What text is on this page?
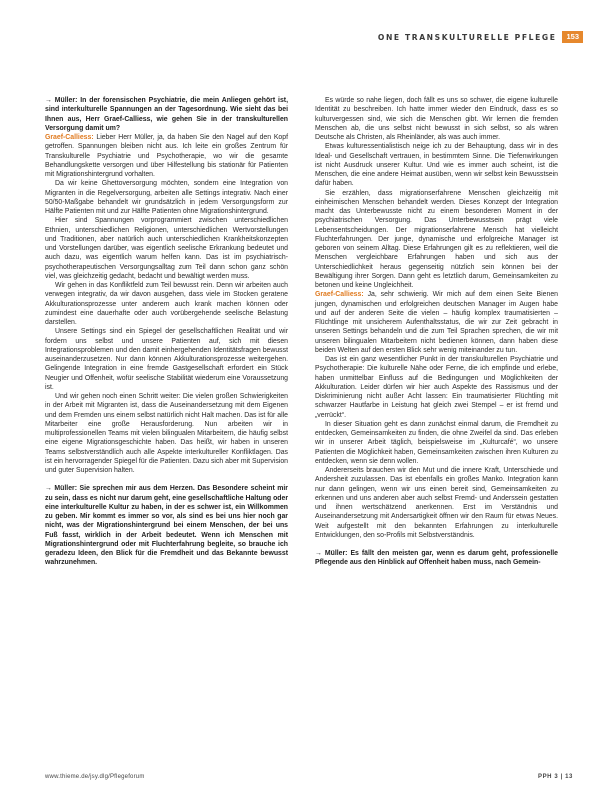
ONE TRANSKULTURELLE PFLEGE	153

→ Müller: In der forensischen Psychiatrie, die mein Anliegen gehört ist, sind interkulturelle Spannungen an der Tagesordnung. Wie sieht das bei Ihnen aus, Herr Graef-Calliess, wie gehen Sie in der transkulturellen Versorgung damit um?

Graef-Calliess: Lieber Herr Müller, ja, da haben Sie den Nagel auf den Kopf getroffen. Spannungen bleiben nicht aus. Ich leite ein großes Zentrum für Transkulturelle Psychiatrie und Psychotherapie, wo wir die gesamte Behandlungskette versorgen und über Hilfestellung bis stationär für Patienten mit Migrationshintergrund vorhalten.

Da wir keine Ghettoversorgung möchten, sondern eine Integration von Migranten in die Regelversorgung, arbeiten alle Settings integrativ. Nach einer 50/50-Maßgabe behandelt wir grundsätzlich in jedem Versorgungsform zur Hälfte Patienten mit und zur Hälfte Patienten ohne Migrationshintergrund.

Hier sind Spannungen vorprogrammiert zwischen unterschiedlichen Ethnien, unterschiedlichen Religionen, unterschiedlichen Wertvorstellungen und Traditionen, aber natürlich auch unterschiedlichen Krankheitskonzepten und Vorstellungen darüber, was eigentlich seelische Erkrankung bedeutet und auch dazu, was eigentlich warum helfen kann. Das ist im psychiatrisch-psychotherapeutischen Versorgungsalltag zum Teil dann schon ganz schön viel, was gleichzeitig gedacht, bedacht und bewältigt werden muss.

Wir gehen in das Konfliktfeld zum Teil bewusst rein. Denn wir arbeiten auch verwegen integrativ, da wir davon ausgehen, dass viele im Stocken geratene Akkulturationsprozesse unter anderem auch krank machen können oder zumindest eine dauerhafte oder auch vorübergehende seelische Belastung darstellen.

Unsere Settings sind ein Spiegel der gesellschaftlichen Realität und wir fordern uns selbst und unsere Patienten auf, sich mit diesen Integrationsproblemen und den damit einhergehenden Identitätsfragen bewusst auseinanderzusetzen. Nur dann können Akkulturationsprozesse weitergehen. Gelingende Integration in eine fremde Gastgesellschaft erfordert ein Stück Neugier und Offenheit, wofür seelische Stabilität wiederum eine Voraussetzung ist.

Und wir gehen noch einen Schritt weiter: Die vielen großen Schwierigkeiten in der Arbeit mit Migranten ist, dass die Auseinandersetzung mit dem Eigenen und dem Fremden uns einem selbst natürlich nicht Halt machen. Das ist für alle Mitarbeiter eine große Herausforderung. Nun arbeiten wir in multiprofessionellen Teams mit vielen bilingualen Mitarbeitern, die häufig selbst eine eigene Migrationsgeschichte haben. Das heißt, wir haben in unseren Teams selbstverständlich auch alle Aspekte interkultureller Konfliktlagen. Das ist ein hervorragender Spiegel für die Patienten. Dazu sich aber mit Supervision und guter Supervision halten.

→ Müller: Sie sprechen mir aus dem Herzen. Das Besondere scheint mir zu sein, dass es nicht nur darum geht, eine gesellschaftliche Haltung oder eine interkulturelle Kultur zu haben, in der es schwer ist, ein Willkommen zu geben. Mir kommt es immer so vor, als sind es bei uns hier noch gar nicht, was der Migrationshintergrund bei einem Menschen, der bei uns Fuß fasst, wirklich in der Arbeit bedeutet. Wenn ich Menschen mit Migrationshintergrund oder mit Fluchterfahrung begleite, so brauche ich geradezu Ideen, den Blick für die Fremdheit und das Bekannte bewusst wahrzunehmen.

Es würde so nahe liegen, doch fällt es uns so schwer, die eigene kulturelle Identität zu beschreiben. Ich hatte immer wieder den Eindruck, dass es so kulturvergessen sind, wie sich die Menschen gibt. Wir lernen die fremden Menschen ab, die uns selbst nicht bewusst in sich selbst, so als wären Deutsche als Christen, als Rheinländer, als was auch immer.

Etwas kulturessentialistisch neige ich zu der Behauptung, dass wir in des Ideal- und Gesellschaft vertrauen, in bestimmtem Sinne. Die Tiefenwirkungen ist nicht Ausdruck unserer Kultur. Und wie es immer auch scheint, ist die Menschen, die eine andere Heimat ausüben, wenn wir selbst kein Bewusstsein dafür haben.

Sie erzählen, dass migrationserfahrene Menschen gleichzeitig mit einheimischen Menschen behandelt werden. Dieses Konzept der Integration macht das Unterbewusste nicht zu einem besonderen Moment in der psychiatrischen Versorgung. Das Unterbewusstsein prägt viele Lebensentscheidungen. Der migrationserfahrene Mensch hat vielleicht Fluchterfahrungen. Der junge, dynamische und erfolgreiche Manager ist geboren von seinem Alltag. Diese Erfahrungen gilt es zu reflektieren, weil die Menschen vergleichbare Erfahrungen haben und sich aus der Unterschiedlichkeit heraus gegenseitig nützlich sein können bei der Bewältigung ihrer Sorgen. Dann geht es letztlich darum, Gemeinsamkeiten zu betonen und keine Ungleichheit.

Graef-Calliess: Ja, sehr schwierig. Wir mich auf dem einen Seite Bienen jungen, dynamischen und erfolgreichen deutschen Manager im Augen habe und auf der anderen Seite die vielen – häufig komplex traumatisierten – Flüchtlinge mit unsicherem Aufenthaltsstatus, die wir zur Zeit gebracht in unseren Settings behandeln und die zum Teil Sprachen sprechen, die wir mit unseren bilingualen Mitarbeitern nicht bedienen können, dann haben diese beiden Welten auf den ersten Blick sehr wenig miteinander zu tun.

Das ist ein ganz wesentlicher Punkt in der transkulturellen Psychiatrie und Psychotherapie: Die kulturelle Nähe oder Ferne, die ich empfinde und erlebe, haben unmittelbar Einfluss auf die Bedingungen und Möglichkeiten der Akkulturation. Leider dürfen wir hier auch Aspekte des Rassismus und der Diskriminierung nicht außer Acht lassen: Ein traumatisierter Flüchtling mit schwarzer Hautfarbe in Leistung hat gleich zwei Stempel – er ist fremd und „verrückt“.

In dieser Situation geht es dann zunächst einmal darum, die Fremdheit zu entdecken, Gemeinsamkeiten zu finden, die ohne Zweifel da sind. Das erleben wir in unserer Arbeit täglich, beispielsweise im „Kulturcafé“, wo unsere Patienten die Möglichkeit haben, Gemeinsamkeiten zwischen ihren Kulturen zu entdecken, wenn sie denn wollen.

Andererseits brauchen wir den Mut und die innere Kraft, Unterschiede und Andersheit zuzulassen. Das ist ebenfalls ein großes Manko. Integration kann nur dann gelingen, wenn wir uns einen bereit sind, Gemeinsamkeiten zu erkennen und uns anderen aber auch selbst Fremd- und Anderssein gestatten und ihnen wertschätzend anerkennen. Erst im Verständnis und Auseinandersetzung mit Andersartigkeit öffnen wir den Raum für etwas Neues. Weit aufgestellt mit den bekannten Erfahrungen zu interkulturelle Entwicklungen, den so-Profils mit Selbstverständnis.

→ Müller: Es fällt den meisten gar, wenn es darum geht, professionelle Pflegende aus den Hinblick auf Offenheit haben muss, nach Gemein-

www.thieme.de/jsy.dlg/Pflegeforum	PPH 3 | 13
